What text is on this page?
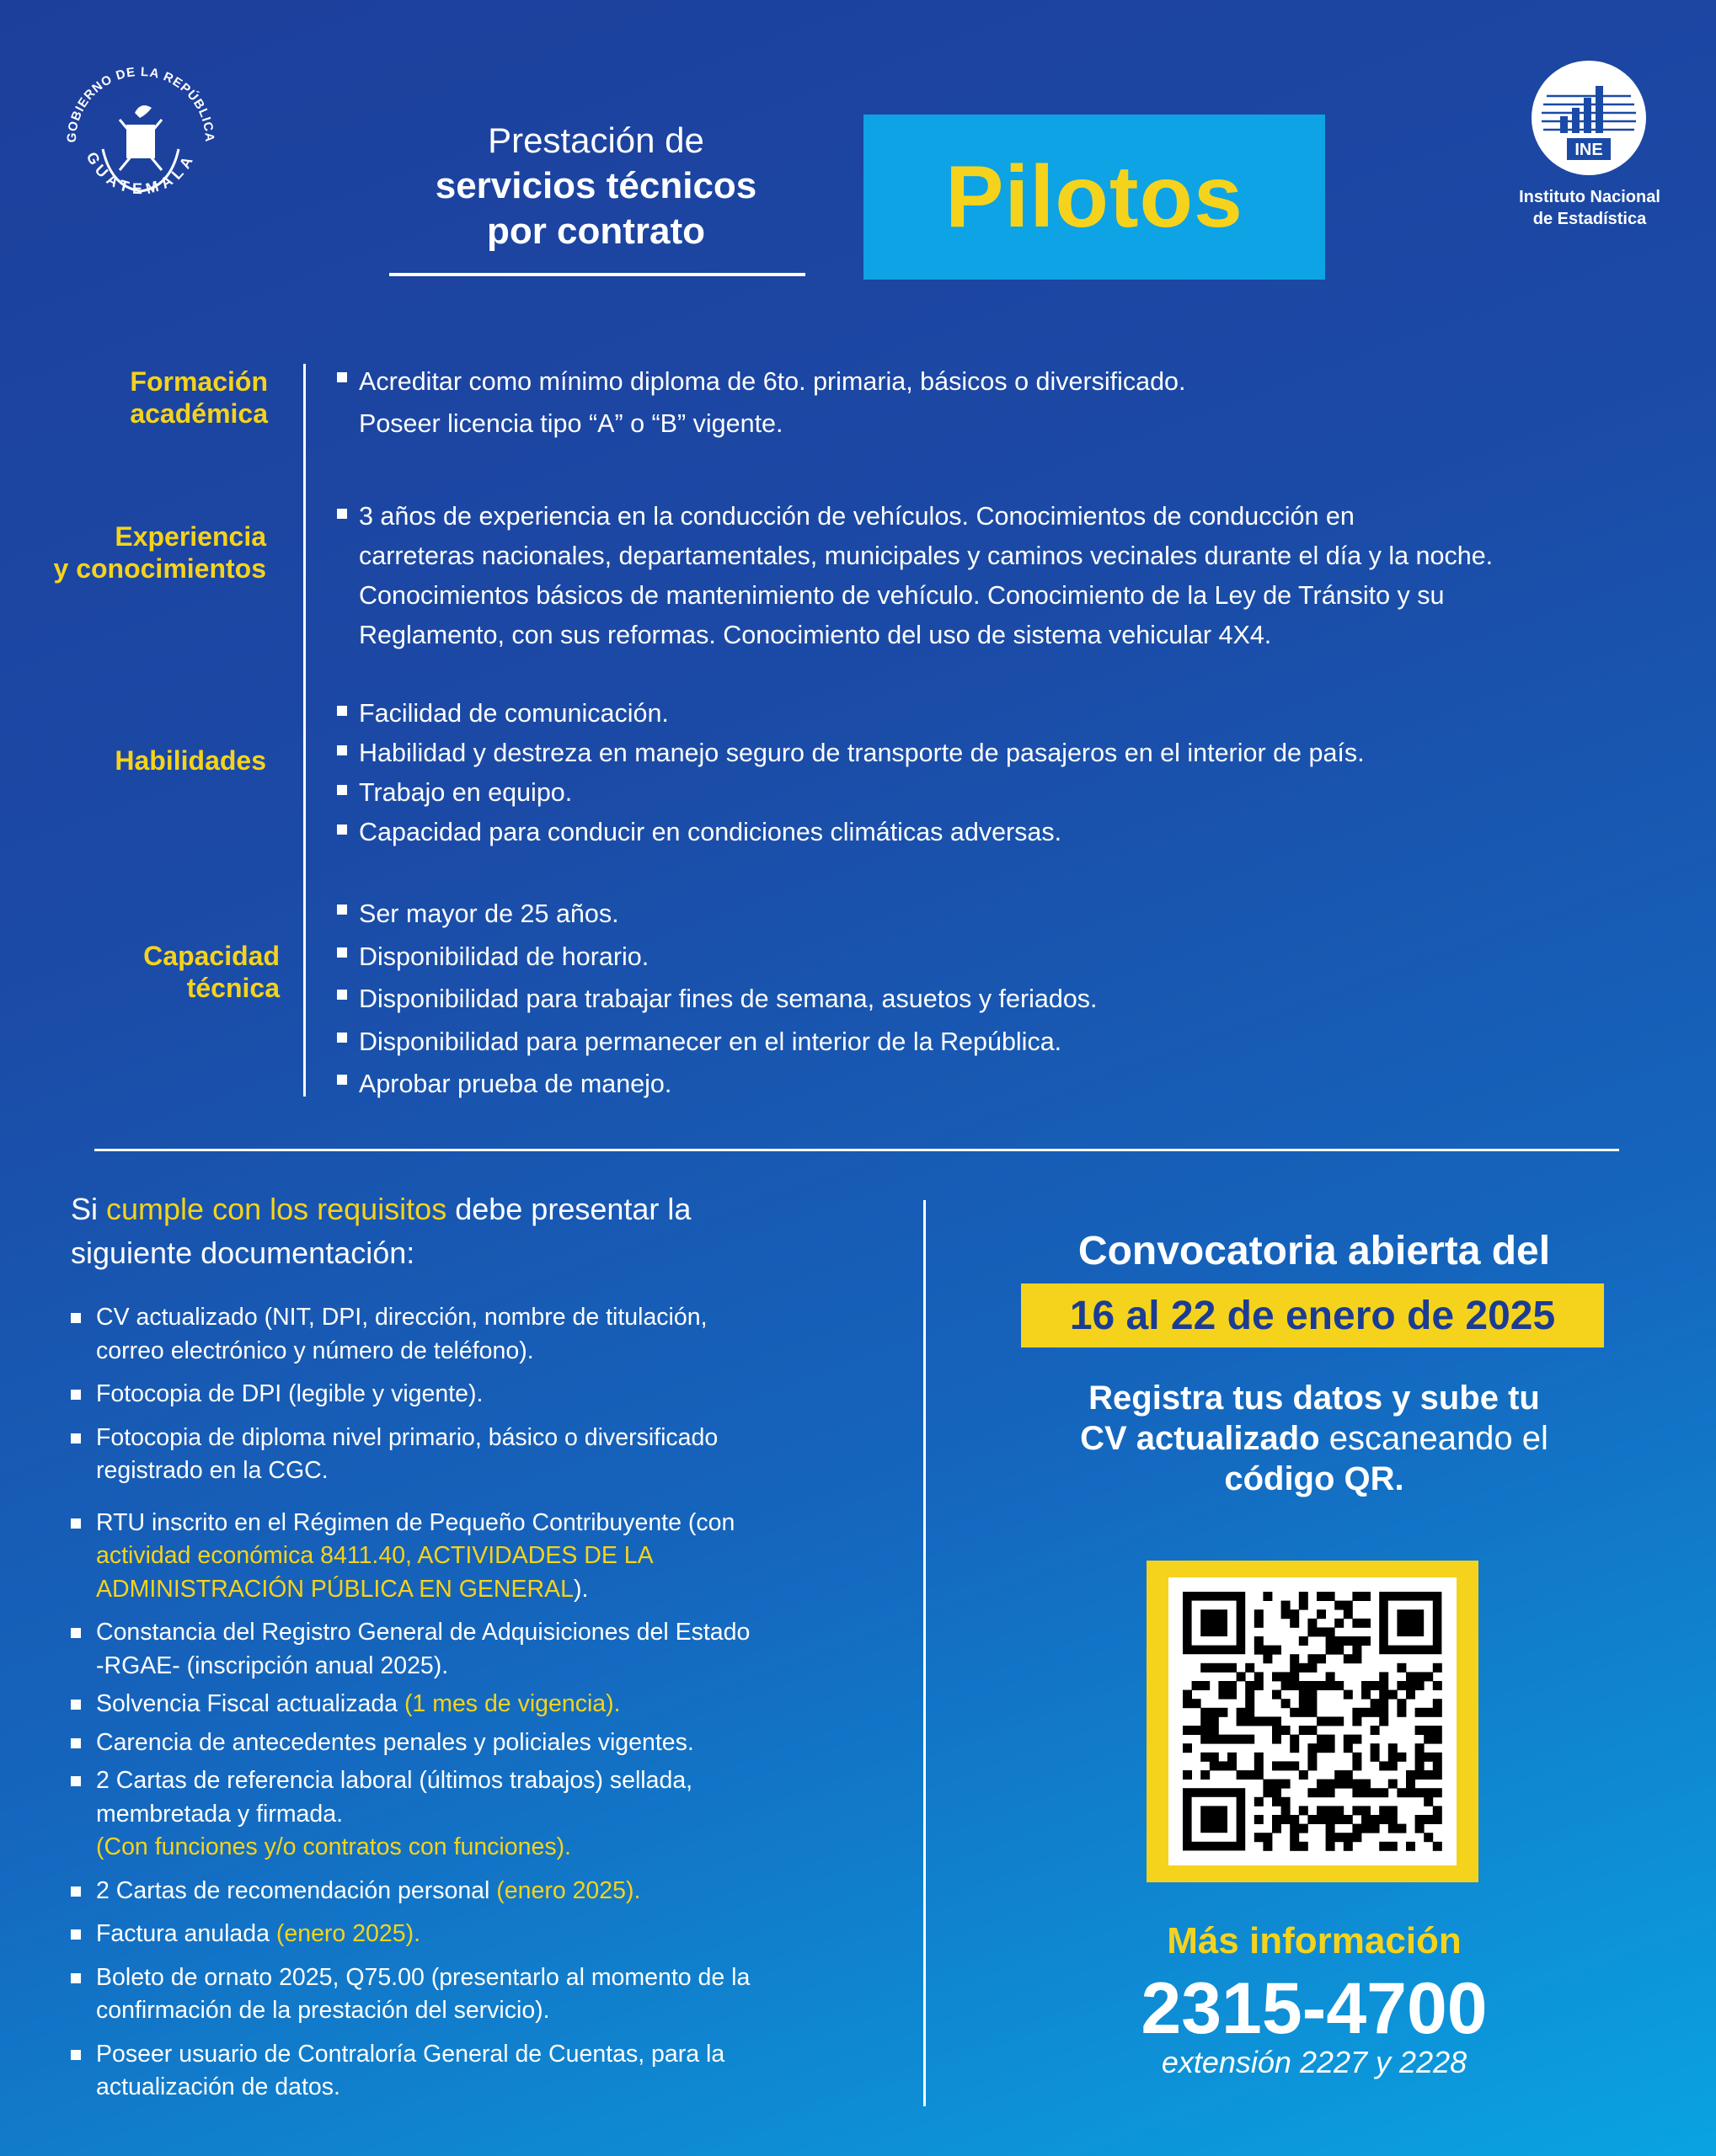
GOBIERNO DE LA REPÚBLICA
GUATEMALA
Prestación de
servicios técnicos
por contrato	Pilotos	INE
Instituto Nacional
de Estadística
Formación
académica
Acreditar como mínimo diploma de 6to. primaria, básicos o diversificado.
Poseer licencia tipo “A” o “B” vigente.
Experiencia
y conocimientos
3 años de experiencia en la conducción de vehículos. Conocimientos de conducción en
carreteras nacionales, departamentales, municipales y caminos vecinales durante el día y la noche.
Conocimientos básicos de mantenimiento de vehículo. Conocimiento de la Ley de Tránsito y su
Reglamento, con sus reformas. Conocimiento del uso de sistema vehicular 4X4.
Habilidades
Facilidad de comunicación.
Habilidad y destreza en manejo seguro de transporte de pasajeros en el interior de país.
Trabajo en equipo.
Capacidad para conducir en condiciones climáticas adversas.
Capacidad
técnica
Ser mayor de 25 años.
Disponibilidad de horario.
Disponibilidad para trabajar fines de semana, asuetos y feriados.
Disponibilidad para permanecer en el interior de la República.
Aprobar prueba de manejo.
Si cumple con los requisitos debe presentar la
siguiente documentación:
CV actualizado (NIT, DPI, dirección, nombre de titulación,
correo electrónico y número de teléfono).
Fotocopia de DPI (legible y vigente).
Fotocopia de diploma nivel primario, básico o diversificado
registrado en la CGC.
RTU inscrito en el Régimen de Pequeño Contribuyente (con
actividad económica 8411.40, ACTIVIDADES DE LA
ADMINISTRACIÓN PÚBLICA EN GENERAL).
Constancia del Registro General de Adquisiciones del Estado
-RGAE- (inscripción anual 2025).
Solvencia Fiscal actualizada (1 mes de vigencia).
Carencia de antecedentes penales y policiales vigentes.
2 Cartas de referencia laboral (últimos trabajos) sellada,
membretada y firmada.
(Con funciones y/o contratos con funciones).
2 Cartas de recomendación personal (enero 2025).
Factura anulada (enero 2025).
Boleto de ornato 2025, Q75.00 (presentarlo al momento de la
confirmación de la prestación del servicio).
Poseer usuario de Contraloría General de Cuentas, para la
actualización de datos.
Convocatoria abierta del
16 al 22 de enero de 2025
Registra tus datos y sube tu
CV actualizado escaneando el
código QR.
Más información
2315-4700
extensión 2227 y 2228
